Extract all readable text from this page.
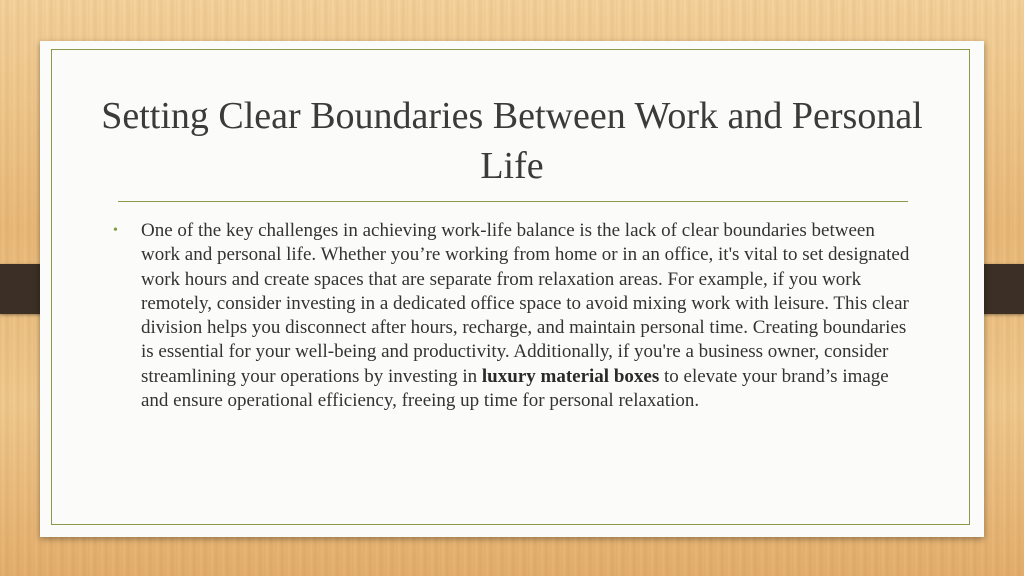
Setting Clear Boundaries Between Work and Personal Life
•	One of the key challenges in achieving work-life balance is the lack of clear boundaries between work and personal life. Whether you’re working from home or in an office, it's vital to set designated work hours and create spaces that are separate from relaxation areas. For example, if you work remotely, consider investing in a dedicated office space to avoid mixing work with leisure. This clear division helps you disconnect after hours, recharge, and maintain personal time. Creating boundaries is essential for your well-being and productivity. Additionally, if you're a business owner, consider streamlining your operations by investing in luxury material boxes to elevate your brand’s image and ensure operational efficiency, freeing up time for personal relaxation.
